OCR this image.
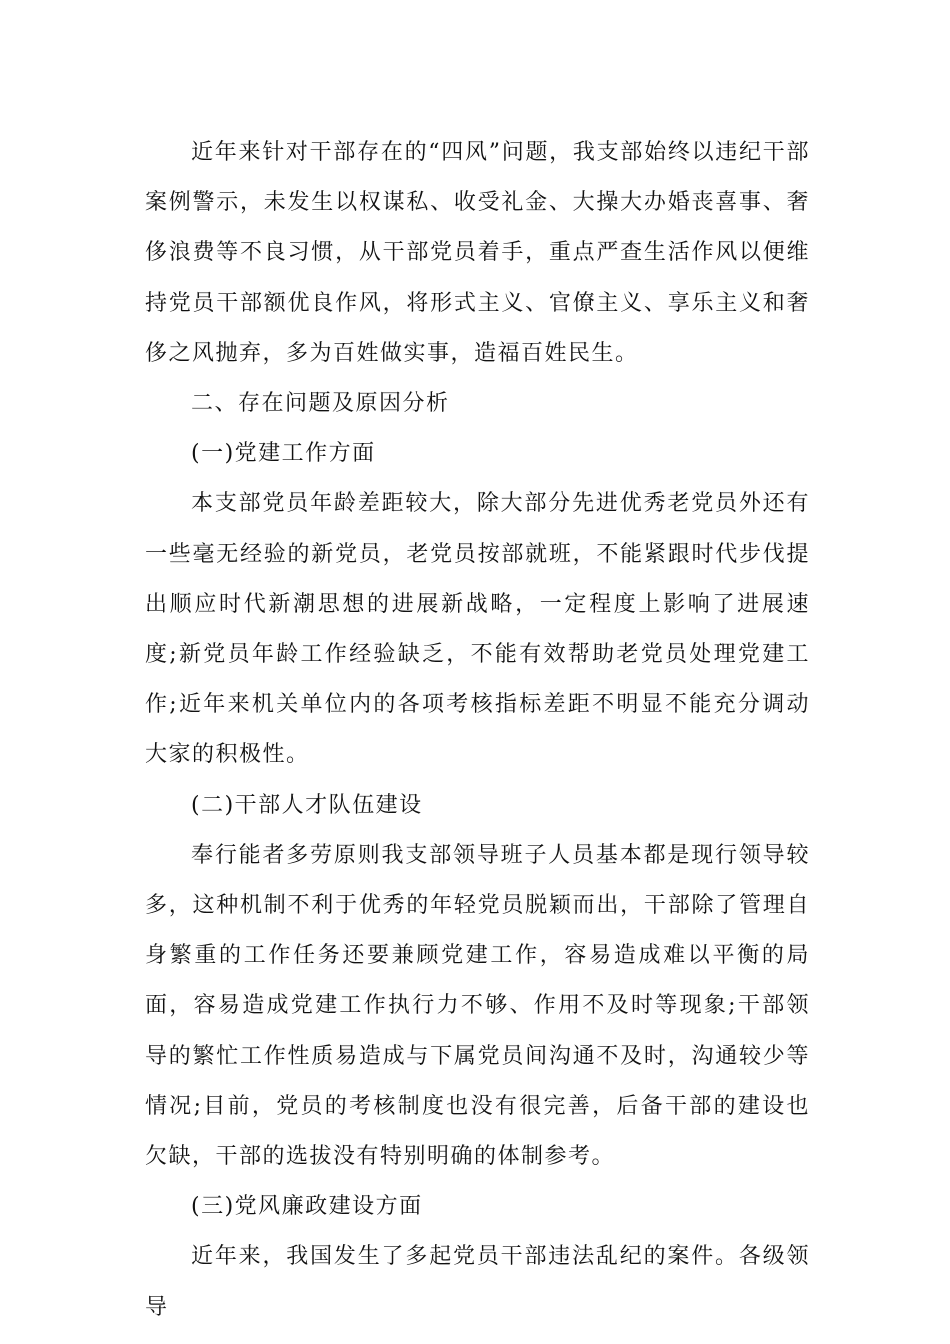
近年来针对干部存在的“四风”问题，我支部始终以违纪干部案例警示，未发生以权谋私、收受礼金、大操大办婚丧喜事、奢侈浪费等不良习惯，从干部党员着手，重点严查生活作风以便维持党员干部额优良作风，将形式主义、官僚主义、享乐主义和奢侈之风抛弃，多为百姓做实事，造福百姓民生。

二、存在问题及原因分析

(一)党建工作方面

本支部党员年龄差距较大，除大部分先进优秀老党员外还有一些毫无经验的新党员，老党员按部就班，不能紧跟时代步伐提出顺应时代新潮思想的进展新战略，一定程度上影响了进展速度;新党员年龄工作经验缺乏，不能有效帮助老党员处理党建工作;近年来机关单位内的各项考核指标差距不明显不能充分调动大家的积极性。

(二)干部人才队伍建设

奉行能者多劳原则我支部领导班子人员基本都是现行领导较多，这种机制不利于优秀的年轻党员脱颖而出，干部除了管理自身繁重的工作任务还要兼顾党建工作，容易造成难以平衡的局面，容易造成党建工作执行力不够、作用不及时等现象;干部领导的繁忙工作性质易造成与下属党员间沟通不及时，沟通较少等情况;目前，党员的考核制度也没有很完善，后备干部的建设也欠缺，干部的选拔没有特别明确的体制参考。

(三)党风廉政建设方面

近年来，我国发生了多起党员干部违法乱纪的案件。各级领导
